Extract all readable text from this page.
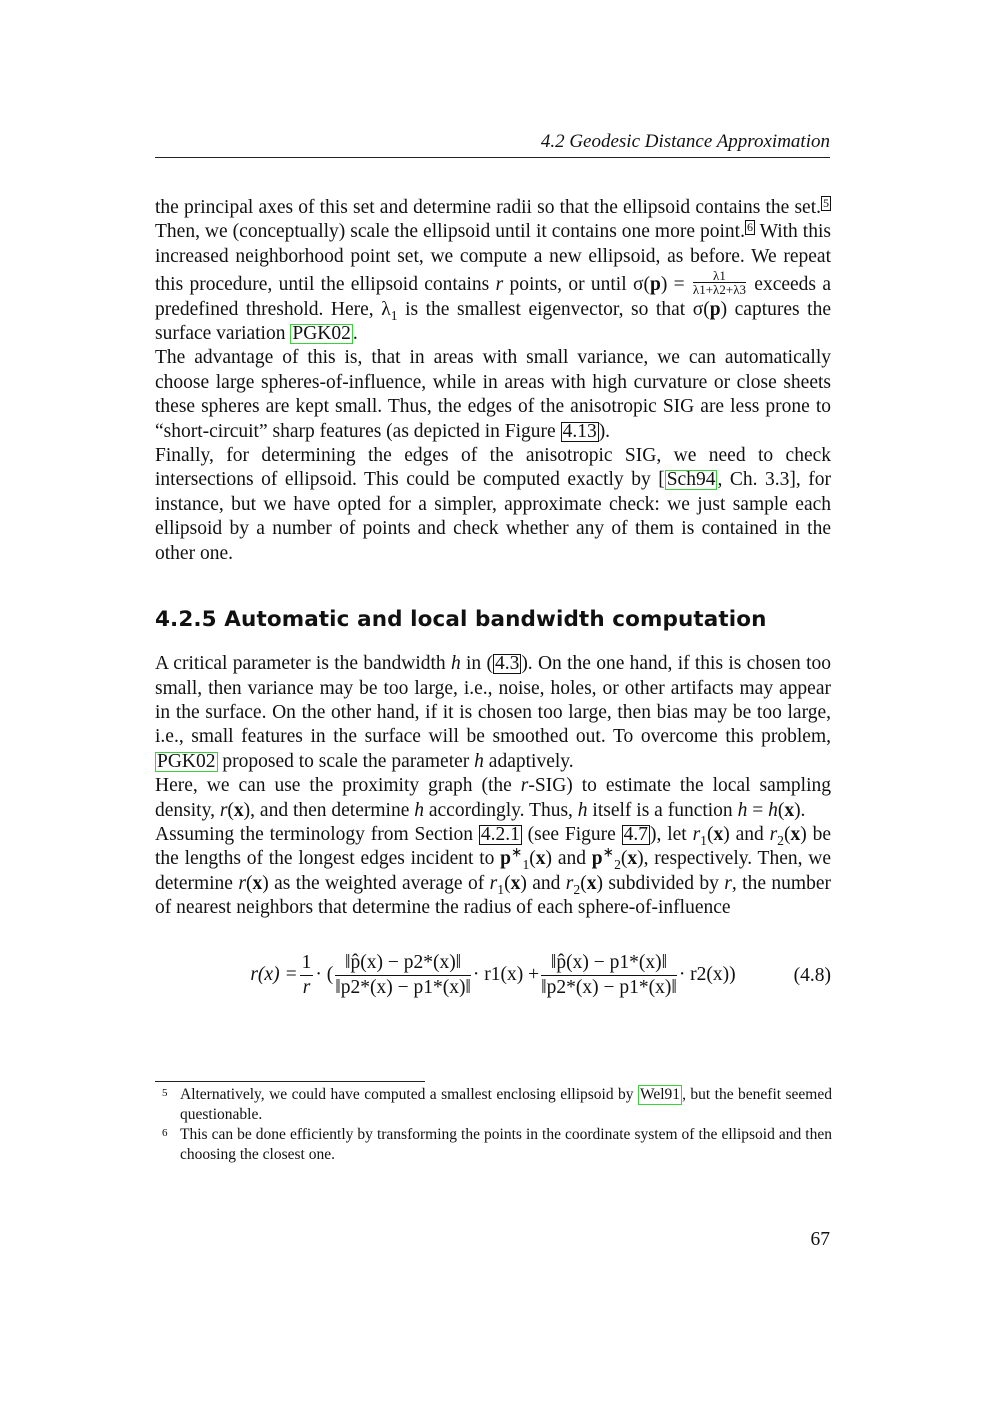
4.2 Geodesic Distance Approximation

the principal axes of this set and determine radii so that the ellipsoid contains the set. 5 Then, we (conceptually) scale the ellipsoid until it contains one more point. 6 With this increased neighborhood point set, we compute a new ellipsoid, as before. We repeat this procedure, until the ellipsoid contains r points, or until $\sigma(p) = \frac{\lambda 1}{\lambda 1+\lambda 2+\lambda 3}$ exceeds a predefined threshold. Here, $\lambda_1$ is the smallest eigenvector, so that σ(p) captures the surface variation PGK02 .

The advantage of this is, that in areas with small variance, we can automatically choose large spheres-of-influence, while in areas with high curvature or close sheets these spheres are kept small. Thus, the edges of the anisotropic SIG are less prone to “short-circuit” sharp features (as depicted in Figure 4.13 ).

Finally, for determining the edges of the anisotropic SIG, we need to check intersections of ellipsoid. This could be computed exactly by [ Sch94 , Ch. 3.3], for instance, but we have opted for a simpler, approximate check: we just sample each ellipsoid by a number of points and check whether any of them is contained in the other one.

4.2.5 Automatic and local bandwidth computation

A critical parameter is the bandwidth h in ( 4.3 ). On the one hand, if this is chosen too small, then variance may be too large, i.e., noise, holes, or other artifacts may appear in the surface. On the other hand, if it is chosen too large, then bias may be too large, i.e., small features in the surface will be smoothed out. To overcome this problem, PGK02 proposed to scale the parameter h adaptively.

Here, we can use the proximity graph (the r-SIG) to estimate the local sampling density, r(x), and then determine h accordingly. Thus, h itself is a function h = h(x).

Assuming the terminology from Section 4.2.1 (see Figure 4.7 ), let $r_1(x)$ and $r_2(x)$ be the lengths of the longest edges incident to $p^∗_1(x)$ and $p^∗_2(x)$, respectively. Then, we determine r(x) as the weighted average of $r_1(x)$ and $r_2(x)$ subdivided by r, the number of nearest neighbors that determine the radius of each sphere-of-influence

$r(x) = \frac{1}{r}$ · ( $\frac{‖p̂(x) - p2*(x)‖}{‖p2*(x) - p1*(x)‖} \cdot r1(x) + \frac{‖p̂(x) - p1*(x)‖}{‖p2*(x) - p1*(x)‖} \cdot r2(x)$)	(4.8)
5 Alternatively, we could have computed a smallest enclosing ellipsoid by Wel91 , but the benefit seemed questionable.
6 This can be done efficiently by transforming the points in the coordinate system of the ellipsoid and then choosing the closest one.
67
